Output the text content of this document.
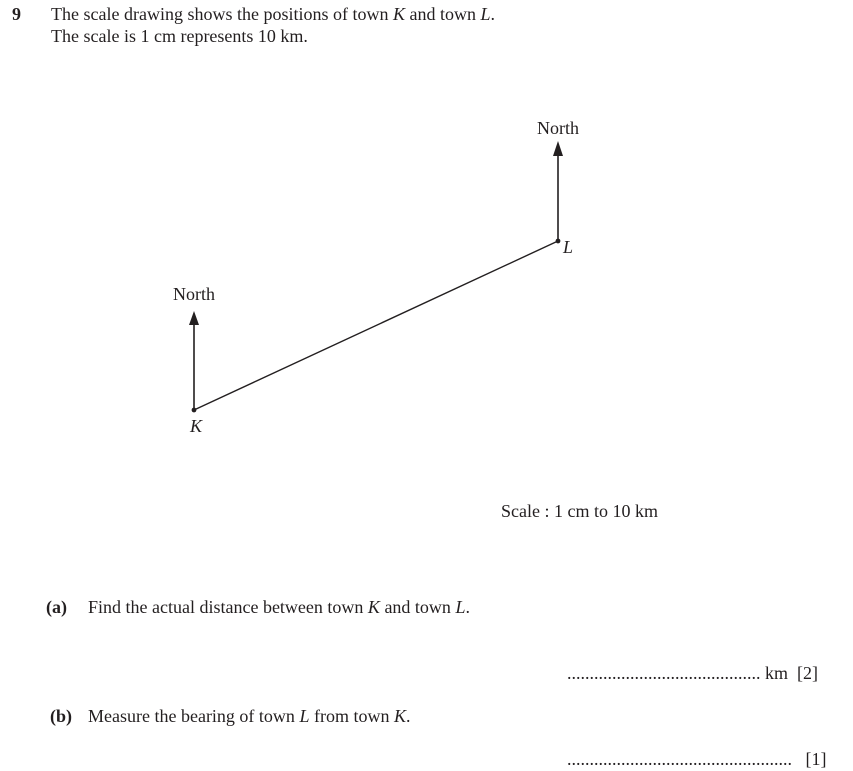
9 The scale drawing shows the positions of town K and town L.
The scale is 1 cm represents 10 km.
North
North
K
L
Scale : 1 cm to 10 km
(a) Find the actual distance between town K and town L.
........................................... km [2]
(b) Measure the bearing of town L from town K.
.................................................. [1]
